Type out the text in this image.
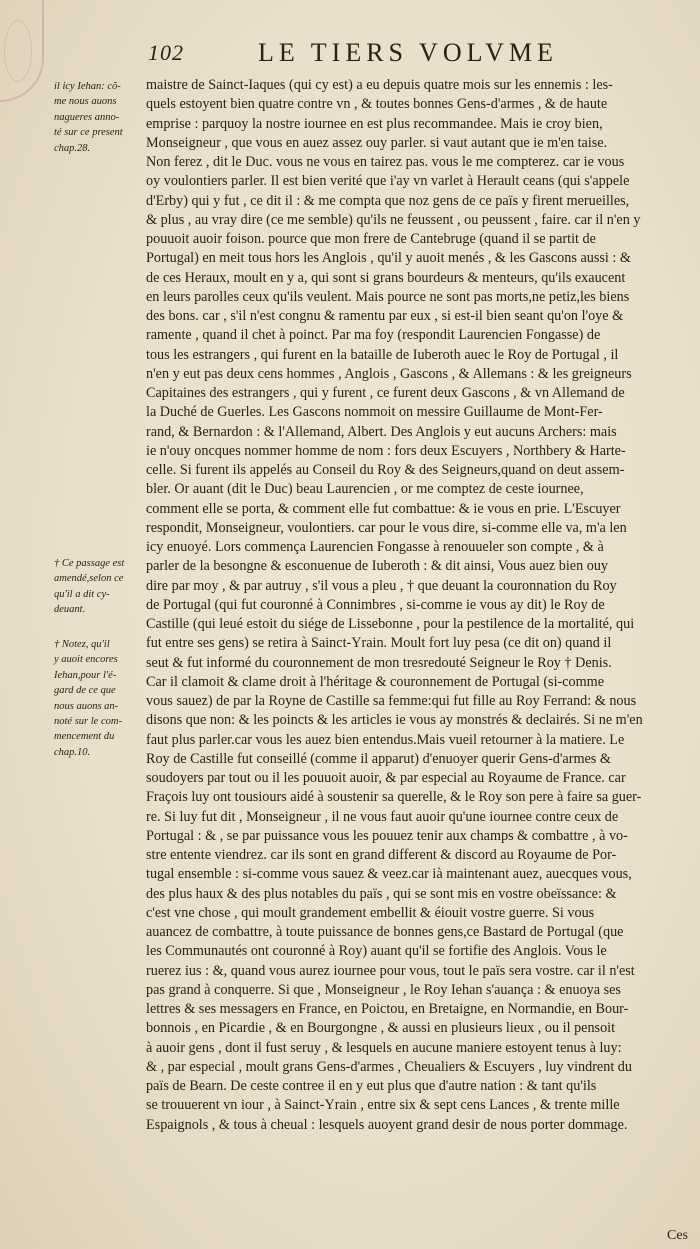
102	LE TIERS VOLVME
il icy Iehan: cõ-
me nous auons
nagueres anno-
té sur ce present
chap.28.
† Ce passage est
amendé,selon ce
qu'il a dit cy-
deuant.
† Notez, qu'il
y auoit encores
Iehan,pour l'é-
gard de ce que
nous auons an-
noté sur le com-
mencement du
chap.10.
maistre de Sainct-Iaques (qui cy est) a eu depuis quatre mois sur les ennemis : les-
quels estoyent bien quatre contre vn , & toutes bonnes Gens-d'armes , & de haute
emprise : parquoy la nostre iournee en est plus recommandee. Mais ie croy bien,
Monseigneur , que vous en auez assez ouy parler. si vaut autant que ie m'en taise.
Non ferez , dit le Duc. vous ne vous en tairez pas. vous le me compterez. car ie vous
oy voulontiers parler. Il est bien verité que i'ay vn varlet à Herault ceans (qui s'appele
d'Erby) qui y fut , ce dit il : & me compta que noz gens de ce païs y firent merueilles,
& plus , au vray dire (ce me semble) qu'ils ne feussent , ou peussent , faire. car il n'en y
pouuoit auoir foison. pource que mon frere de Cantebruge (quand il se partit de
Portugal) en meit tous hors les Anglois , qu'il y auoit menés , & les Gascons aussi : &
de ces Heraux, moult en y a, qui sont si grans bourdeurs & menteurs, qu'ils exaucent
en leurs parolles ceux qu'ils veulent. Mais pource ne sont pas morts,ne petiz,les biens
des bons. car , s'il n'est congnu & ramentu par eux , si est-il bien seant qu'on l'oye &
ramente , quand il chet à poinct. Par ma foy (respondit Laurencien Fongasse) de
tous les estrangers , qui furent en la bataille de Iuberoth auec le Roy de Portugal , il
n'en y eut pas deux cens hommes , Anglois , Gascons , & Allemans : & les greigneurs
Capitaines des estrangers , qui y furent , ce furent deux Gascons , & vn Allemand de
la Duché de Guerles. Les Gascons nommoit on messire Guillaume de Mont-Fer-
rand, & Bernardon : & l'Allemand, Albert. Des Anglois y eut aucuns Archers: mais
ie n'ouy oncques nommer homme de nom : fors deux Escuyers , Northbery & Harte-
celle. Si furent ils appelés au Conseil du Roy & des Seigneurs,quand on deut assem-
bler. Or auant (dit le Duc) beau Laurencien , or me comptez de ceste iournee,
comment elle se porta, & comment elle fut combattue: & ie vous en prie. L'Escuyer
respondit, Monseigneur, voulontiers. car pour le vous dire, si-comme elle va, m'a len
icy enuoyé. Lors commença Laurencien Fongasse à renouueler son compte , & à
parler de la besongne & esconuenue de Iuberoth : & dit ainsi, Vous auez bien ouy
dire par moy , & par autruy , s'il vous a pleu , † que deuant la couronnation du Roy
de Portugal (qui fut couronné à Connimbres , si-comme ie vous ay dit) le Roy de
Castille (qui leué estoit du siége de Lissebonne , pour la pestilence de la mortalité, qui
fut entre ses gens) se retira à Sainct-Yrain. Moult fort luy pesa (ce dit on) quand il
seut & fut informé du couronnement de mon tresredouté Seigneur le Roy † Denis.
Car il clamoit & clame droit à l'héritage & couronnement de Portugal (si-comme
vous sauez) de par la Royne de Castille sa femme:qui fut fille au Roy Ferrand: & nous
disons que non: & les poincts & les articles ie vous ay monstrés & declairés. Si ne m'en
faut plus parler.car vous les auez bien entendus.Mais vueil retourner à la matiere. Le
Roy de Castille fut conseillé (comme il apparut) d'enuoyer querir Gens-d'armes &
soudoyers par tout ou il les pouuoit auoir, & par especial au Royaume de France. car
Fraçois luy ont tousiours aidé à soustenir sa querelle, & le Roy son pere à faire sa guer-
re. Si luy fut dit , Monseigneur , il ne vous faut auoir qu'une iournee contre ceux de
Portugal : & , se par puissance vous les pouuez tenir aux champs & combattre , à vo-
stre entente viendrez. car ils sont en grand different & discord au Royaume de Por-
tugal ensemble : si-comme vous sauez & veez.car ià maintenant auez, auecques vous,
des plus haux & des plus notables du païs , qui se sont mis en vostre obeïssance: &
c'est vne chose , qui moult grandement embellit & éiouit vostre guerre. Si vous
auancez de combattre, à toute puissance de bonnes gens,ce Bastard de Portugal (que
les Communautés ont couronné à Roy) auant qu'il se fortifie des Anglois. Vous le
ruerez ius : &, quand vous aurez iournee pour vous, tout le païs sera vostre. car il n'est
pas grand à conquerre. Si que , Monseigneur , le Roy Iehan s'auança : & enuoya ses
lettres & ses messagers en France, en Poictou, en Bretaigne, en Normandie, en Bour-
bonnois , en Picardie , & en Bourgongne , & aussi en plusieurs lieux , ou il pensoit
à auoir gens , dont il fust seruy , & lesquels en aucune maniere estoyent tenus à luy:
& , par especial , moult grans Gens-d'armes , Cheualiers & Escuyers , luy vindrent du
païs de Bearn. De ceste contree il en y eut plus que d'autre nation : & tant qu'ils
se trouuerent vn iour , à Sainct-Yrain , entre six & sept cens Lances , & trente mille
Espaignols , & tous à cheual : lesquels auoyent grand desir de nous porter dommage.
Ces
